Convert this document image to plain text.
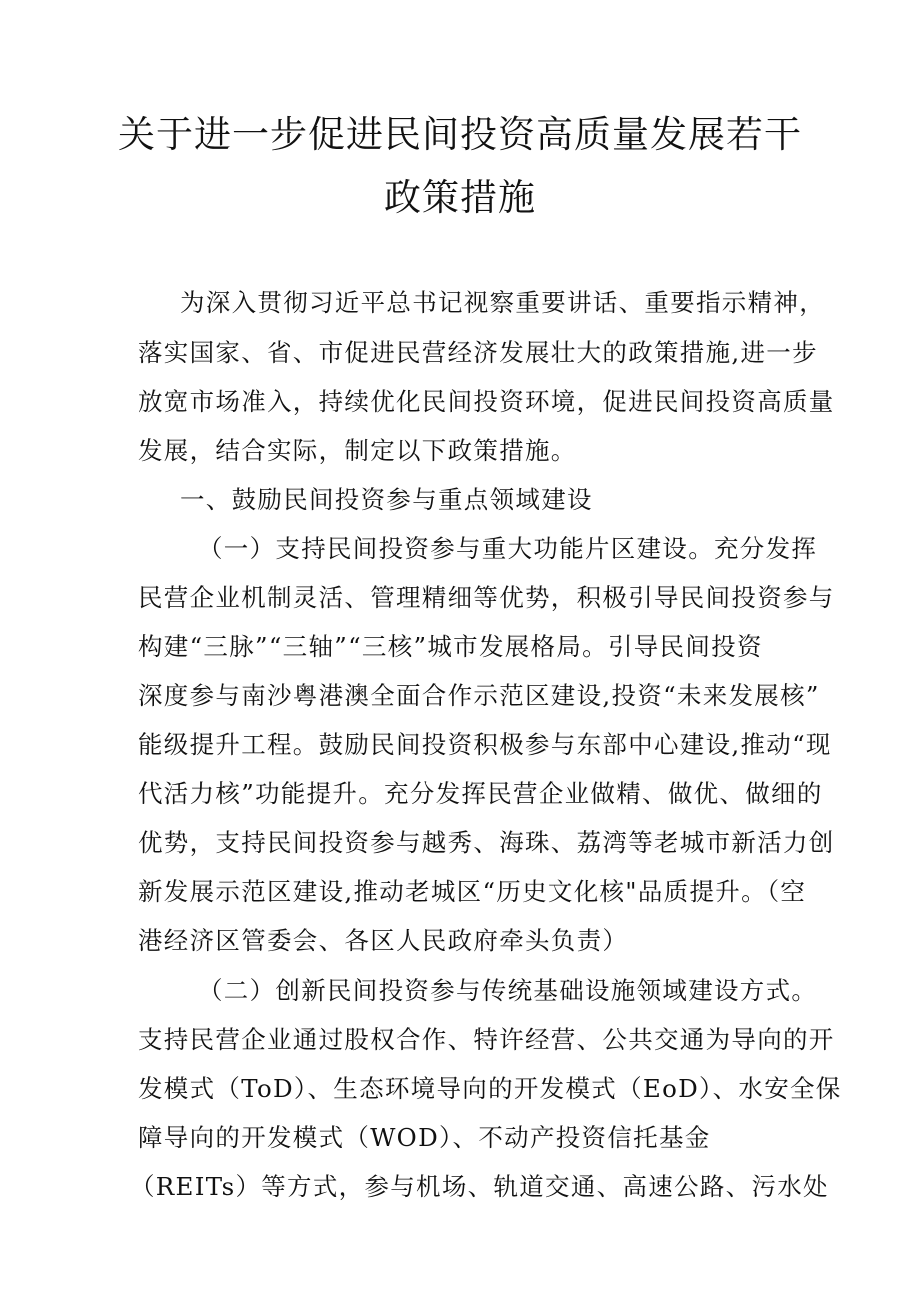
关于进一步促进民间投资高质量发展若干
政策措施
为深入贯彻习近平总书记视察重要讲话、重要指示精神，
落实国家、省、市促进民营经济发展壮大的政策措施,进一步
放宽市场准入，持续优化民间投资环境，促进民间投资高质量
发展，结合实际，制定以下政策措施。
一、鼓励民间投资参与重点领域建设
（一）支持民间投资参与重大功能片区建设。充分发挥
民营企业机制灵活、管理精细等优势，积极引导民间投资参与
构建“三脉”“三轴”“三核”城市发展格局。引导民间投资
深度参与南沙粤港澳全面合作示范区建设,投资“未来发展核”
能级提升工程。鼓励民间投资积极参与东部中心建设,推动“现
代活力核”功能提升。充分发挥民营企业做精、做优、做细的
优势，支持民间投资参与越秀、海珠、荔湾等老城市新活力创
新发展示范区建设,推动老城区“历史文化核"品质提升。（空
港经济区管委会、各区人民政府牵头负责）
（二）创新民间投资参与传统基础设施领域建设方式。
支持民营企业通过股权合作、特许经营、公共交通为导向的开
发模式（ToD）、生态环境导向的开发模式（EoD）、水安全保
障导向的开发模式（WOD）、不动产投资信托基金
（REITs）等方式，参与机场、轨道交通、高速公路、污水处
